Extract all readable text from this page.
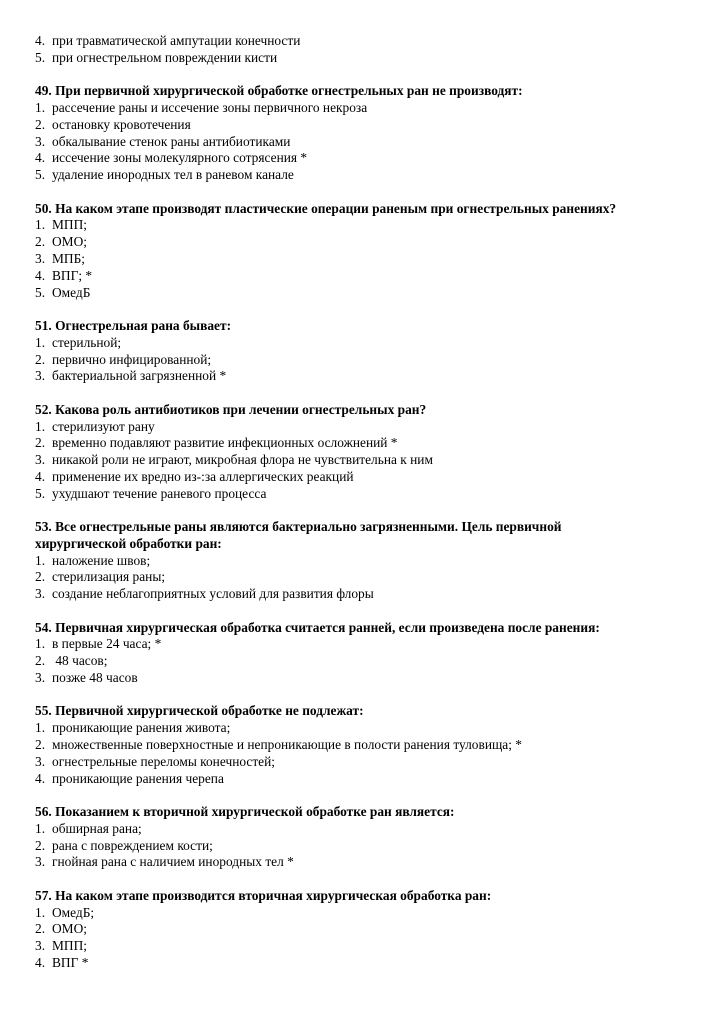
4. при травматической ампутации конечности
5. при огнестрельном повреждении кисти
49. При первичной хирургической обработке огнестрельных ран не производят:
1. рассечение раны и иссечение зоны первичного некроза
2. остановку кровотечения
3. обкалывание стенок раны антибиотиками
4. иссечение зоны молекулярного сотрясения *
5. удаление инородных тел в раневом канале
50. На каком этапе производят пластические операции раненым при огнестрельных ранениях?
1. МПП;
2. ОМО;
3. МПБ;
4. ВПГ; *
5. ОмедБ
51. Огнестрельная рана бывает:
1. стерильной;
2. первично инфицированной;
3. бактериальной загрязненной *
52. Какова роль антибиотиков при лечении огнестрельных ран?
1. стерилизуют рану
2. временно подавляют развитие инфекционных осложнений *
3. никакой роли не играют, микробная флора не чувствительна к ним
4. применение их вредно из-:за аллергических реакций
5. ухудшают течение раневого процесса
53. Все огнестрельные раны являются бактериально загрязненными. Цель первичной
хирургической обработки ран:
1. наложение швов;
2. стерилизация раны;
3. создание неблагоприятных условий для развития флоры
54. Первичная хирургическая обработка считается ранней, если произведена после ранения:
1. в первые 24 часа; *
2. 48 часов;
3. позже 48 часов
55. Первичной хирургической обработке не подлежат:
1. проникающие ранения живота;
2. множественные поверхностные и непроникающие в полости ранения туловища; *
3. огнестрельные переломы конечностей;
4. проникающие ранения черепа
56. Показанием к вторичной хирургической обработке ран является:
1. обширная рана;
2. рана с повреждением кости;
3. гнойная рана с наличием инородных тел *
57. На каком этапе производится вторичная хирургическая обработка ран:
1. ОмедБ;
2. ОМО;
3. МПП;
4. ВПГ *
